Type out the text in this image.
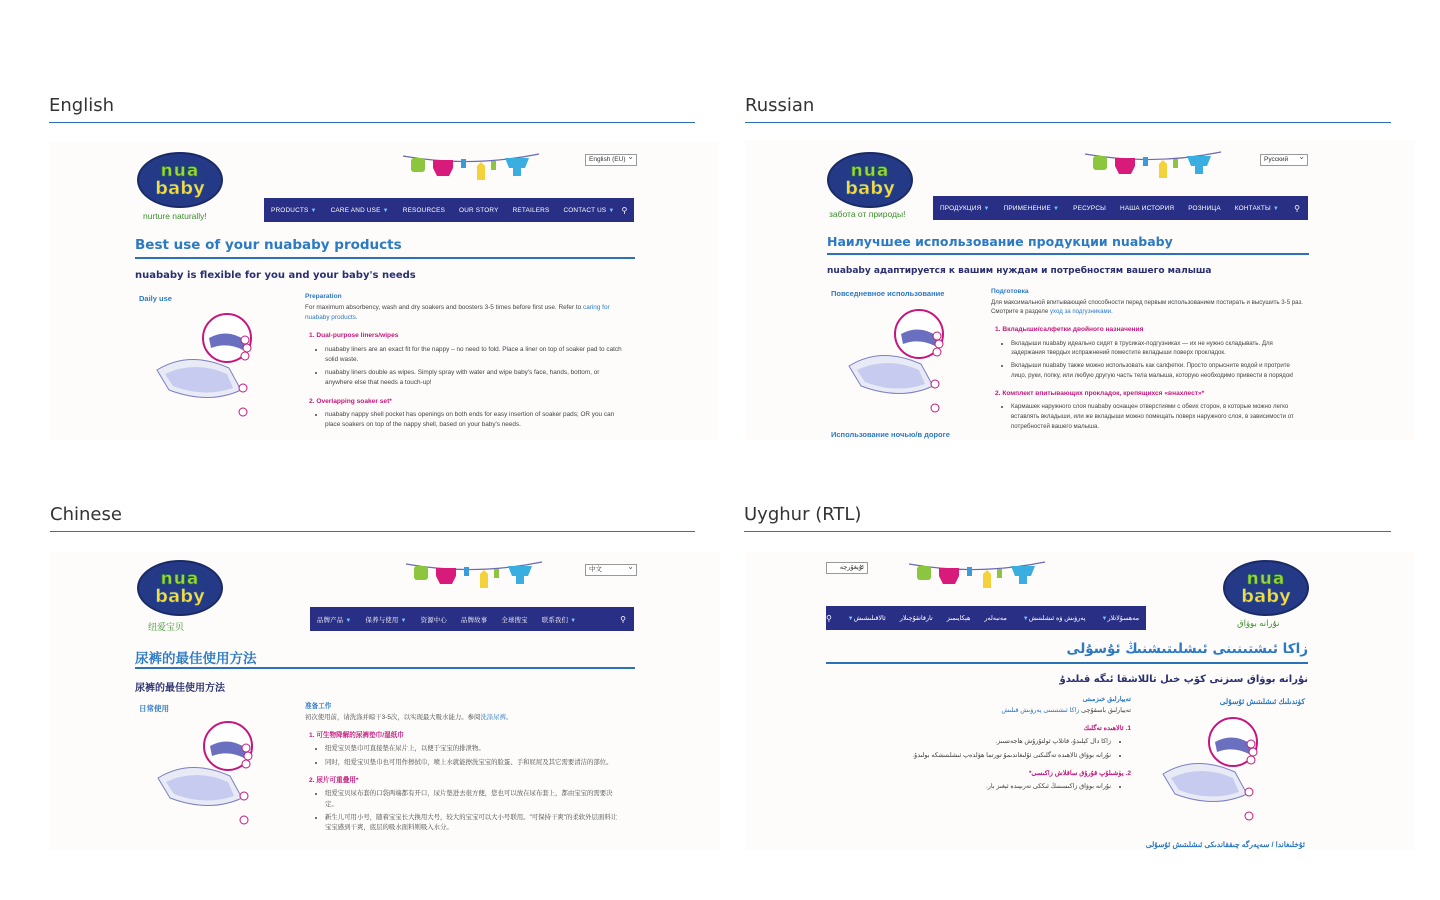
English	Russian
Chinese	Uyghur (RTL)
nua
baby
nurture naturally!
English (EU) ⌄
PRODUCTS ▼	CARE AND USE ▼	RESOURCES	OUR STORY	RETAILERS	CONTACT US ▼ ⚲
Best use of your nuababy products
nuababy is flexible for you and your baby's needs
Daily use	Preparation

For maximum absorbency, wash and dry soakers and boosters 3-5 times before first use. Refer to caring for nuababy products.

1. Dual-purpose liners/wipes

• nuababy liners are an exact fit for the nappy – no need to fold. Place a liner on top of soaker pad to catch solid waste.
• nuababy liners double as wipes. Simply spray with water and wipe baby's face, hands, bottom, or anywhere else that needs a touch-up!

2. Overlapping soaker set*

• nuababy nappy shell pocket has openings on both ends for easy insertion of soaker pads; OR you can place soakers on top of the nappy shell, based on your baby's needs.
nua
baby
забота от природы!
Русский ⌄
ПРОДУКЦИЯ ▼	ПРИМЕНЕНИЕ ▼	РЕСУРСЫ	НАША ИСТОРИЯ	РОЗНИЦА	КОНТАКТЫ ▼	⚲
Наилучшее использование продукции nuababy
nuababy адаптируется к вашим нуждам и потребностям вашего малыша
Повседневное использование
Использование ночью/в дороге

Подготовка

Для максимальной впитывающей способности перед первым использованием постирать и высушить 3-5 раз. Смотрите в разделе уход за подгузниками.

1. Вкладыши/салфетки двойного назначения

• Вкладыши nuababy идеально сидят в трусиках-подгузниках — их не нужно складывать. Для задержания твердых испражнений поместите вкладыши поверх прокладок.
• Вкладыши nuababy также можно использовать как салфетки. Просто опрысните водой и протрите лицо, руки, попку, или любую другую часть тела малыша, которую необходимо привести в порядок!

2. Комплект впитывающих прокладок, крепящихся «внахлест»*

• Кармашек наружного слоя nuababy оснащен отверстиями с обеих сторон, в которые можно легко вставлять вкладыши, или же вкладыши можно помещать поверх наружного слоя, в зависимости от потребностей вашего малыша.
nua
baby
纽爱宝贝
中文 ⌄
品牌产品 ▼	保养与使用 ▼	资源中心	品牌故事	全球搜宝	联系我们 ▼	⚲
尿裤的最佳使用方法
尿裤的最佳使用方法
日常使用	准备工作

初次使用前，请洗涤并晾干3-5次，以实现最大吸水能力。参阅洗涤尿裤。

1. 可生物降解的尿裤垫巾/湿纸巾

• 纽爱宝贝垫巾可直接垫在尿片上，以便于宝宝的排泄物。
• 同时，纽爱宝贝垫巾也可用作擦拭巾，喷上水就能擦洗宝宝的脸蛋、手和屁屁及其它需要清洁的部位。

2. 尿片可重叠用*

• 纽爱宝贝尿布套的口袋两端都有开口，尿片垫进去很方便，您也可以放在尿布套上，都由宝宝的需要决定。
• 新生儿可用小号，随着宝宝长大换用大号，较大的宝宝可以大小号联用。"可保持干爽"的柔软外层面料让宝宝感到干爽，底层的吸水面料则吸入水分。
ئۇيغۇرچە ⌄
nua
baby
نۇرانە بوۋاق
مەھسۇلاتلار▼
پەرۋىش ۋە ئىشلىتىش▼
مەنبەلەر
ھېكايىمىز
تارقاتقۇچىلار
ئالاقىلىشىش▼
⚲
زاكا ئىشتىنىنى ئىشلىتىشنىڭ ئۇسۇلى
نۇرانە بوۋاق سىزنى كۆپ خىل تاللاشقا ئىگە قىلىدۇ
كۈندىلىك ئىشلىتىش ئۇسۇلى
ئۇخلىغاندا / سەپەرگە چىققاندىكى ئىشلىتىش ئۇسۇلى

تەييارلىق خىزمىتى

تەييارلىق باسقۇچى زاكا ئىشتىنىنى پەرۋىش قىلىش

1. ئالاھىدە تەگلىك

• زاكا دال كېلىدۇ، قاتلاپ ئولتۇرۇش ھاجەتسىز.
• نۇرانە بوۋاق ئالاھىدە تەگلىكنى ئۇلىغاندىمۇ تورتما ھۆلدەپ ئىشلىتىشكە بولىدۇ.

2. يۈشىلۇپ قۇرۇق ساقلاش زاكىسى*

• نۇرانە بوۋاق زاكىسىنىڭ ئىككى تەرىپىدە ئېغىز بار.
